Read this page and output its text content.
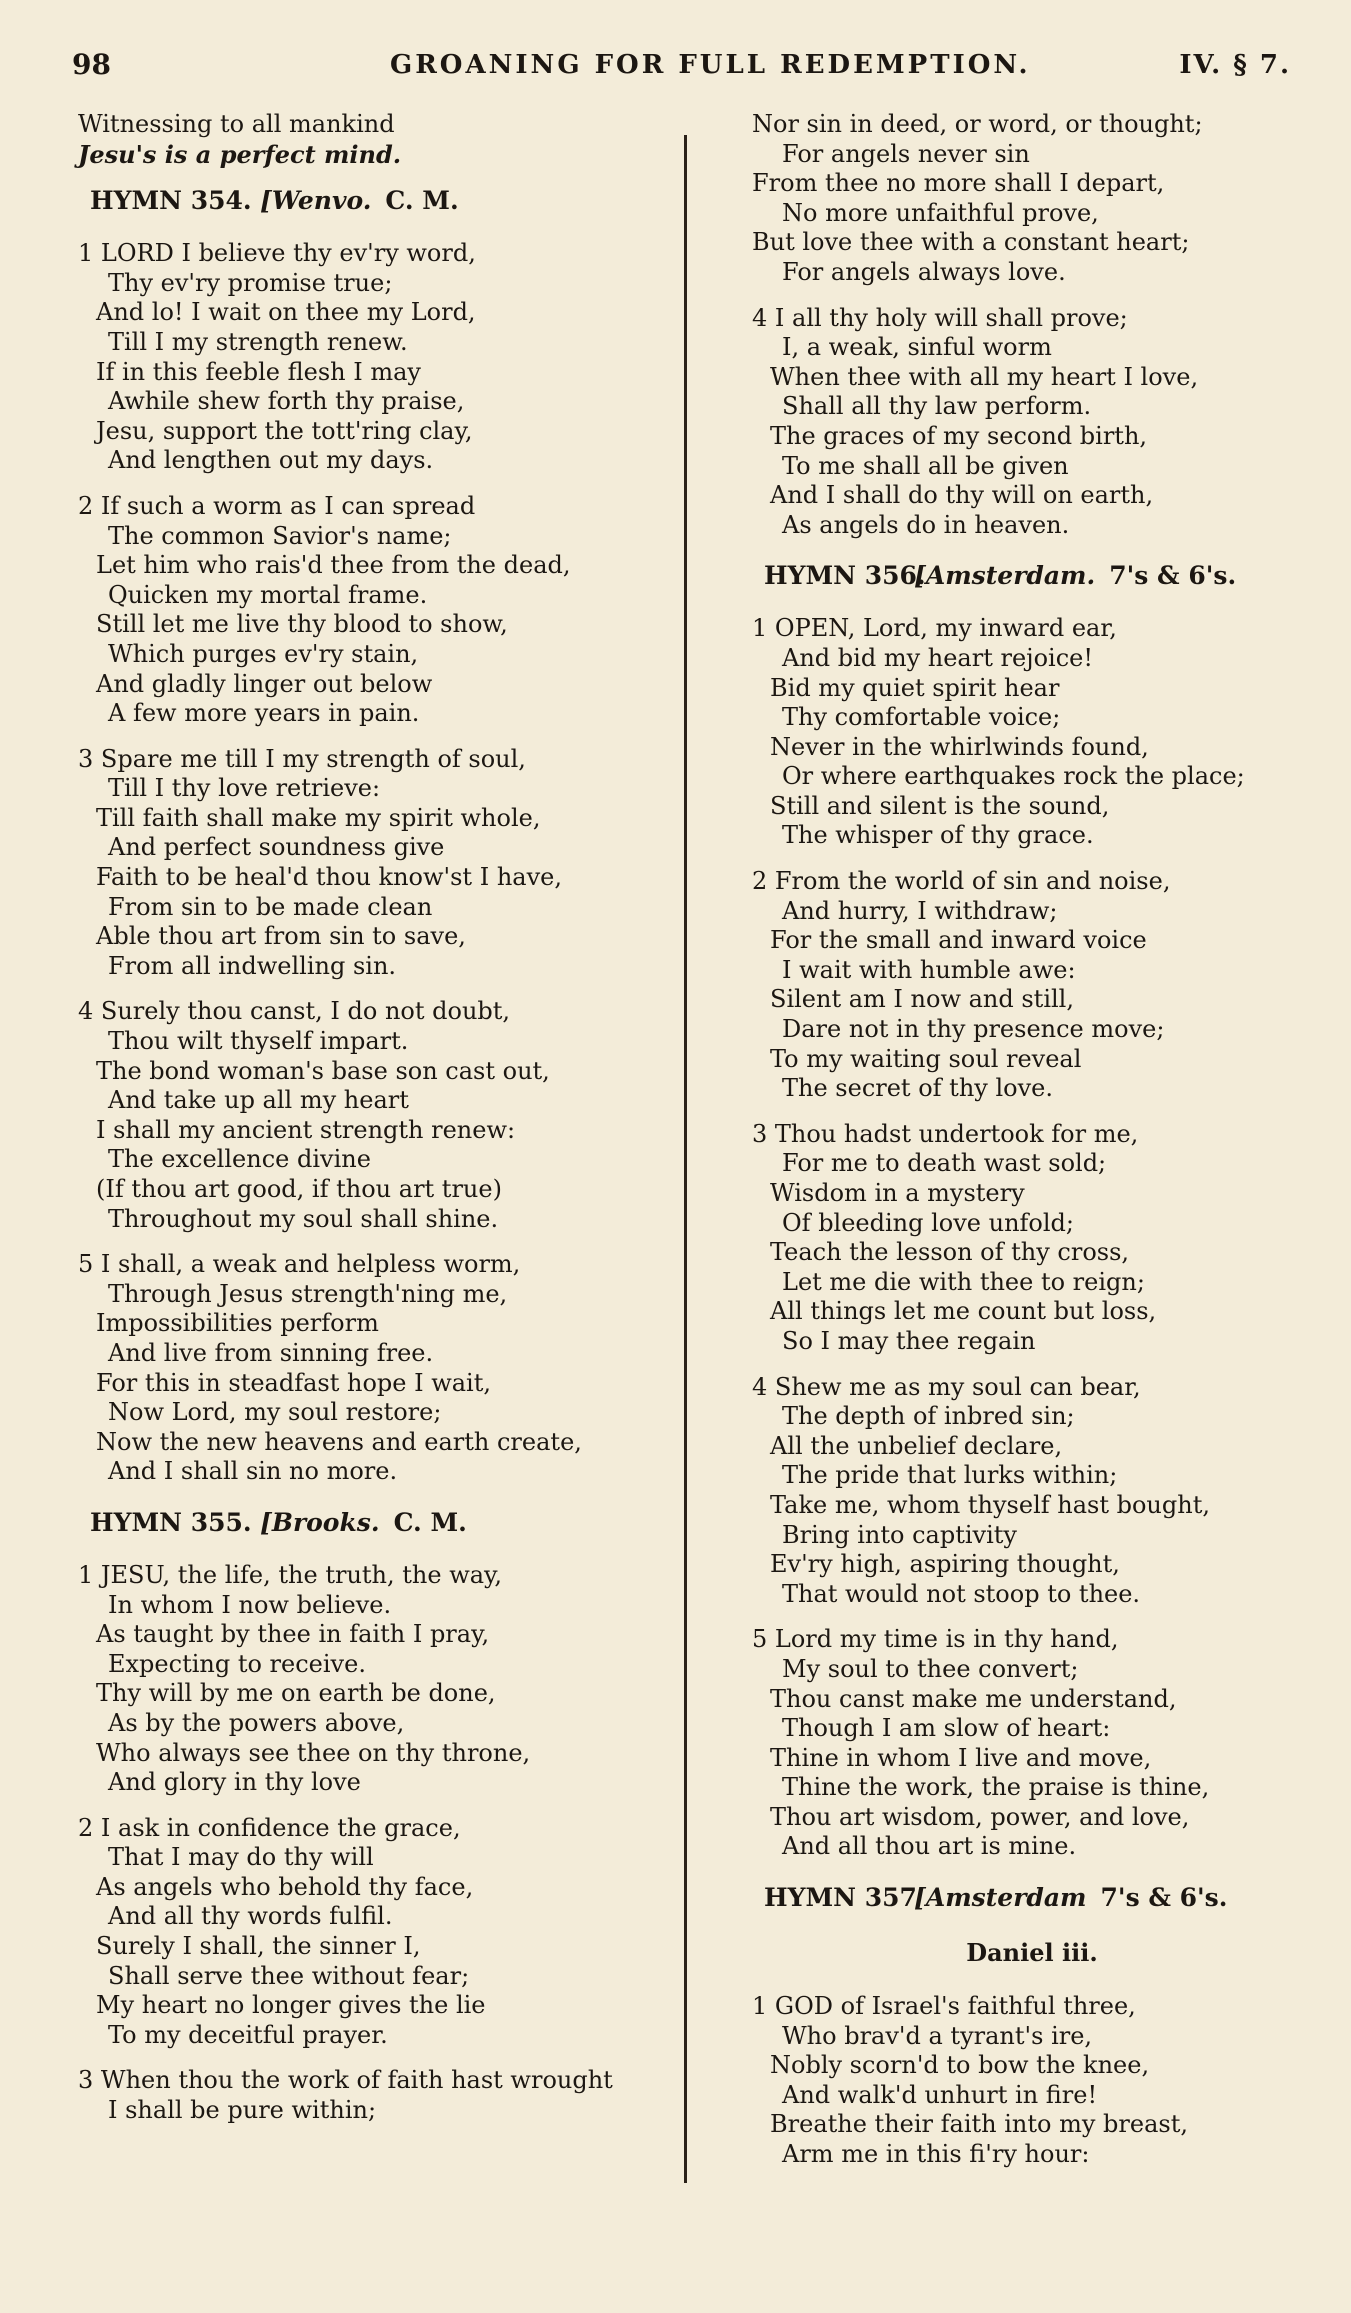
98	GROANING FOR FULL REDEMPTION.	IV. § 7.
Witnessing to all mankind
Jesu's is a perfect mind.
HYMN 354. [Wenvo. C. M.
1 LORD I believe thy ev'ry word,
Thy ev'ry promise true;
And lo! I wait on thee my Lord,
Till I my strength renew.
If in this feeble flesh I may
Awhile shew forth thy praise,
Jesu, support the tott'ring clay,
And lengthen out my days.
2 If such a worm as I can spread
The common Savior's name;
Let him who rais'd thee from the dead,
Quicken my mortal frame.
Still let me live thy blood to show,
Which purges ev'ry stain,
And gladly linger out below
A few more years in pain.
3 Spare me till I my strength of soul,
Till I thy love retrieve:
Till faith shall make my spirit whole,
And perfect soundness give
Faith to be heal'd thou know'st I have,
From sin to be made clean
Able thou art from sin to save,
From all indwelling sin.
4 Surely thou canst, I do not doubt,
Thou wilt thyself impart.
The bond woman's base son cast out,
And take up all my heart
I shall my ancient strength renew:
The excellence divine
(If thou art good, if thou art true)
Throughout my soul shall shine.
5 I shall, a weak and helpless worm,
Through Jesus strength'ning me,
Impossibilities perform
And live from sinning free.
For this in steadfast hope I wait,
Now Lord, my soul restore;
Now the new heavens and earth create,
And I shall sin no more.
HYMN 355. [Brooks. C. M.
1 JESU, the life, the truth, the way,
In whom I now believe.
As taught by thee in faith I pray,
Expecting to receive.
Thy will by me on earth be done,
As by the powers above,
Who always see thee on thy throne,
And glory in thy love
2 I ask in confidence the grace,
That I may do thy will
As angels who behold thy face,
And all thy words fulfil.
Surely I shall, the sinner I,
Shall serve thee without fear;
My heart no longer gives the lie
To my deceitful prayer.
3 When thou the work of faith hast wrought
I shall be pure within;
Nor sin in deed, or word, or thought;
For angels never sin
From thee no more shall I depart,
No more unfaithful prove,
But love thee with a constant heart;
For angels always love.
4 I all thy holy will shall prove;
I, a weak, sinful worm
When thee with all my heart I love,
Shall all thy law perform.
The graces of my second birth,
To me shall all be given
And I shall do thy will on earth,
As angels do in heaven.
HYMN 356.[Amsterdam. 7's & 6's.
1 OPEN, Lord, my inward ear,
And bid my heart rejoice!
Bid my quiet spirit hear
Thy comfortable voice;
Never in the whirlwinds found,
Or where earthquakes rock the place;
Still and silent is the sound,
The whisper of thy grace.
2 From the world of sin and noise,
And hurry, I withdraw;
For the small and inward voice
I wait with humble awe:
Silent am I now and still,
Dare not in thy presence move;
To my waiting soul reveal
The secret of thy love.
3 Thou hadst undertook for me,
For me to death wast sold;
Wisdom in a mystery
Of bleeding love unfold;
Teach the lesson of thy cross,
Let me die with thee to reign;
All things let me count but loss,
So I may thee regain
4 Shew me as my soul can bear,
The depth of inbred sin;
All the unbelief declare,
The pride that lurks within;
Take me, whom thyself hast bought,
Bring into captivity
Ev'ry high, aspiring thought,
That would not stoop to thee.
5 Lord my time is in thy hand,
My soul to thee convert;
Thou canst make me understand,
Though I am slow of heart:
Thine in whom I live and move,
Thine the work, the praise is thine,
Thou art wisdom, power, and love,
And all thou art is mine.
HYMN 357[Amsterdam 7's & 6's.
Daniel iii.
1 GOD of Israel's faithful three,
Who brav'd a tyrant's ire,
Nobly scorn'd to bow the knee,
And walk'd unhurt in fire!
Breathe their faith into my breast,
Arm me in this fi'ry hour:
